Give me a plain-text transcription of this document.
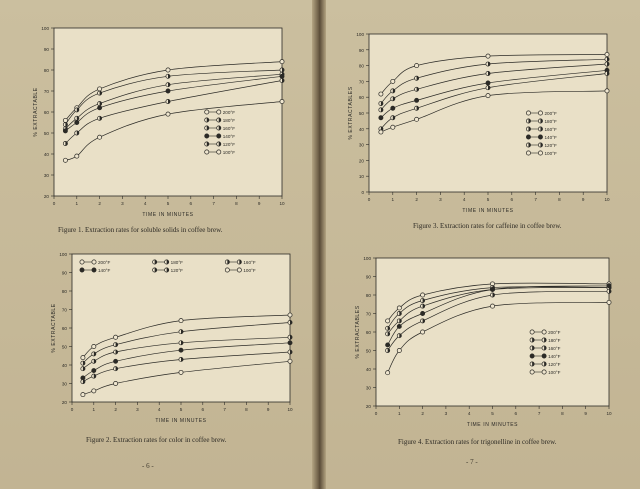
20
30
40
50
60
70
80
90
100
0	1	2	3	4	5	6	7	8	9	10
TIME IN MINUTES
% EXTRACTABLE	200°F
180°F
160°F
140°F
120°F
100°F
Figure 1. Extraction rates for soluble solids in coffee brew.
0
10
20
30
40
50
60
70
80
90
100
0	1	2	3	4	5	6	7	8	9	10
TIME IN MINUTES
% EXTRACTABLES	200°F
180°F
160°F
140°F
120°F
100°F
Figure 3. Extraction rates for caffeine in coffee brew.
20
30
40
50
60
70
80
90
100
0	1	2	3	4	5	6	7	8	9	10
TIME IN MINUTES
% EXTRACTABLE
200°F	180°F	160°F
140°F	120°F	100°F
Figure 2. Extraction rates for color in coffee brew.
20
30
40
50
60
70
80
90
100
0	1	2	3	4	5	6	7	8	9	10
TIME IN MINUTES
% EXTRACTABLES	200°F
180°F
160°F
140°F
120°F
100°F
Figure 4. Extraction rates for trigonelline in coffee brew.
- 6 -	- 7 -
